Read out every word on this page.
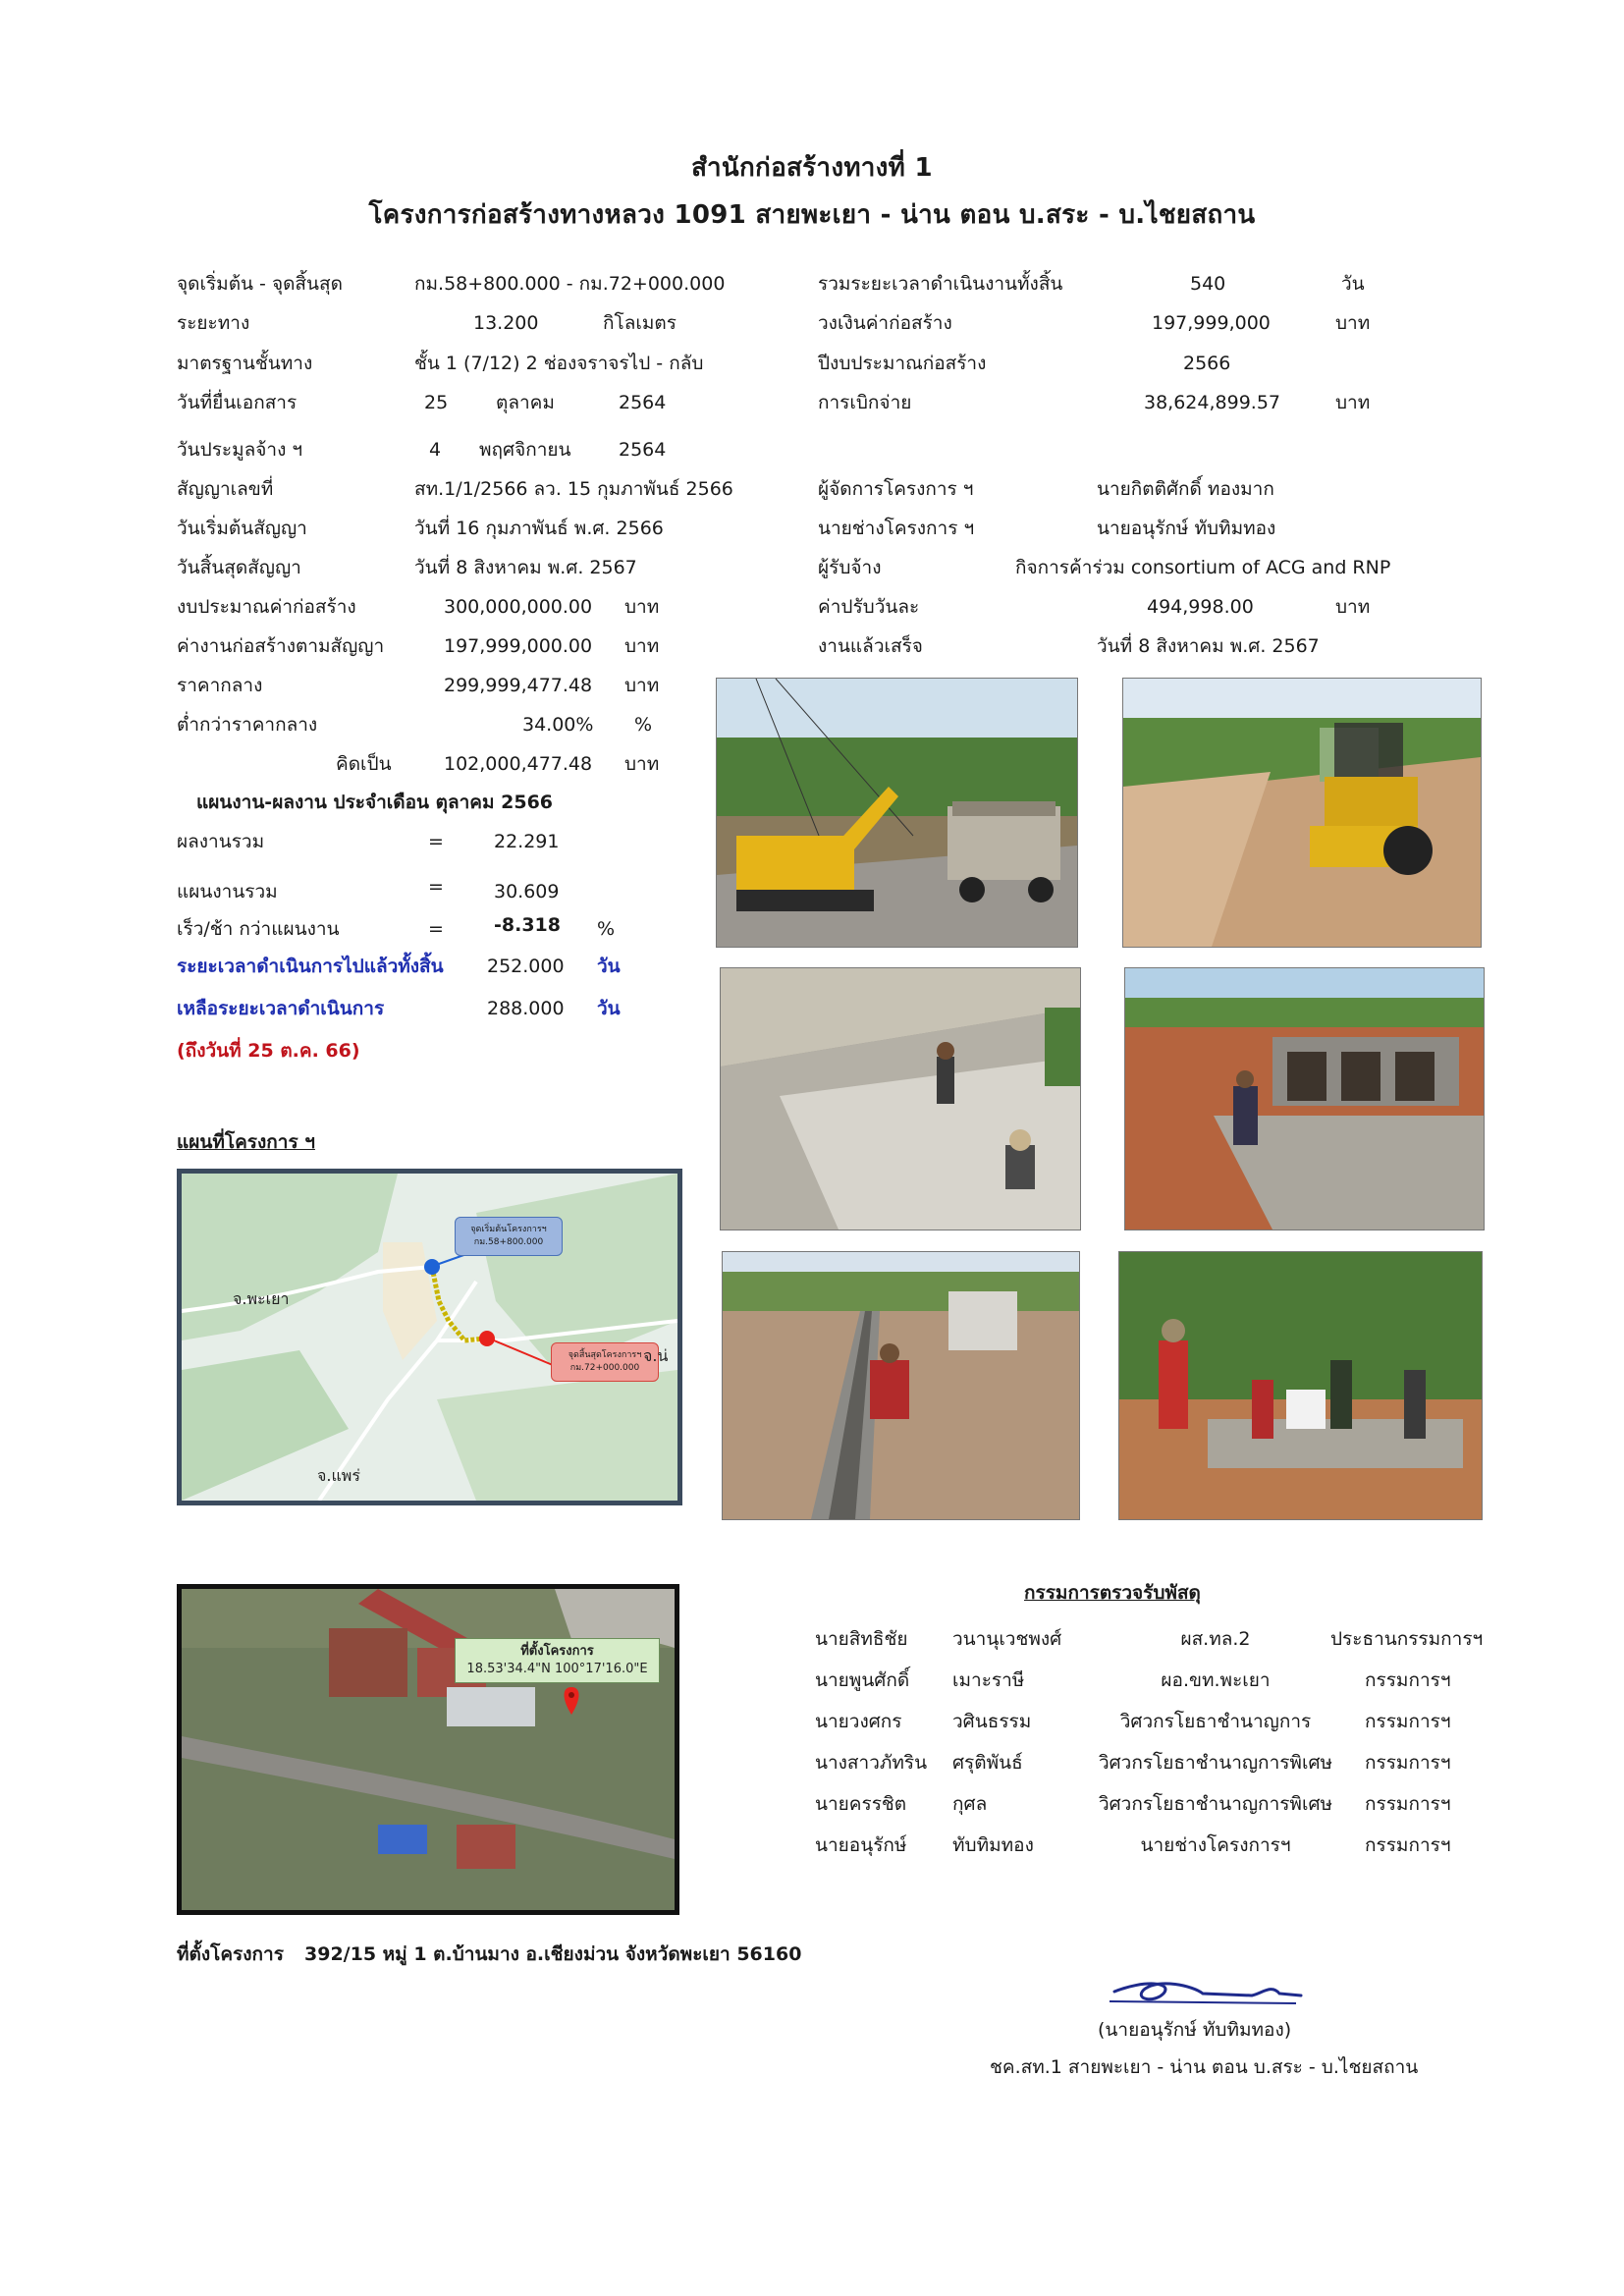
สำนักก่อสร้างทางที่ 1
โครงการก่อสร้างทางหลวง 1091 สายพะเยา - น่าน ตอน บ.สระ - บ.ไชยสถาน
จุดเริ่มต้น - จุดสิ้นสุด	กม.58+800.000 - กม.72+000.000
ระยะทาง	13.200	กิโลเมตร
มาตรฐานชั้นทาง	ชั้น 1 (7/12) 2 ช่องจราจรไป - กลับ
วันที่ยื่นเอกสาร	25	ตุลาคม	2564
วันประมูลจ้าง ฯ	4 พฤศจิกายน	2564
สัญญาเลขที่	สท.1/1/2566 ลว. 15 กุมภาพันธ์ 2566
วันเริ่มต้นสัญญา	วันที่ 16 กุมภาพันธ์ พ.ศ. 2566
วันสิ้นสุดสัญญา	วันที่ 8 สิงหาคม พ.ศ. 2567
งบประมาณค่าก่อสร้าง	300,000,000.00 บาท
ค่างานก่อสร้างตามสัญญา	197,999,000.00 บาท
ราคากลาง	299,999,477.48 บาท
ต่ำกว่าราคากลาง	34.00% %
คิดเป็น	102,000,477.48 บาท
รวมระยะเวลาดำเนินงานทั้งสิ้น	540	วัน
วงเงินค่าก่อสร้าง	197,999,000	บาท
ปีงบประมาณก่อสร้าง	2566
การเบิกจ่าย	38,624,899.57	บาท
ผู้จัดการโครงการ ฯ	นายกิตติศักดิ์ ทองมาก
นายช่างโครงการ ฯ	นายอนุรักษ์ ทับทิมทอง
ผู้รับจ้าง	กิจการค้าร่วม consortium of ACG and RNP
ค่าปรับวันละ	494,998.00	บาท
งานแล้วเสร็จ	วันที่ 8 สิงหาคม พ.ศ. 2567
แผนงาน-ผลงาน ประจำเดือน ตุลาคม 2566
ผลงานรวม	=	22.291
แผนงานรวม	=	30.609
เร็ว/ช้า กว่าแผนงาน	=	-8.318 %
ระยะเวลาดำเนินการไปแล้วทั้งสิ้น 252.000 วัน
เหลือระยะเวลาดำเนินการ	288.000 วัน
(ถึงวันที่ 25 ต.ค. 66)
แผนที่โครงการ ฯ
จุดเริ่มต้นโครงการฯ
กม.58+800.000
จุดสิ้นสุดโครงการฯ
กม.72+000.000
จ.พะเยา
จ.แพร่
จ.น่
ที่ตั้งโครงการ
18.53'34.4"N 100°17'16.0"E
ที่ตั้งโครงการ 392/15 หมู่ 1 ต.บ้านมาง อ.เชียงม่วน จังหวัดพะเยา 56160
กรรมการตรวจรับพัสดุ
นายสิทธิชัย วนานุเวชพงศ์	ผส.ทล.2	ประธานกรรมการฯ
นายพูนศักดิ์ เมาะราษี	ผอ.ขท.พะเยา	กรรมการฯ
นายวงศกร	วศินธรรม	วิศวกรโยธาชำนาญการ	กรรมการฯ
นางสาวภัทริน ศรุติพันธ์	วิศวกรโยธาชำนาญการพิเศษ	กรรมการฯ
นายครรชิต กุศล	วิศวกรโยธาชำนาญการพิเศษ	กรรมการฯ
นายอนุรักษ์ ทับทิมทอง	นายช่างโครงการฯ	กรรมการฯ
(นายอนุรักษ์ ทับทิมทอง)
ชค.สท.1 สายพะเยา - น่าน ตอน บ.สระ - บ.ไชยสถาน
